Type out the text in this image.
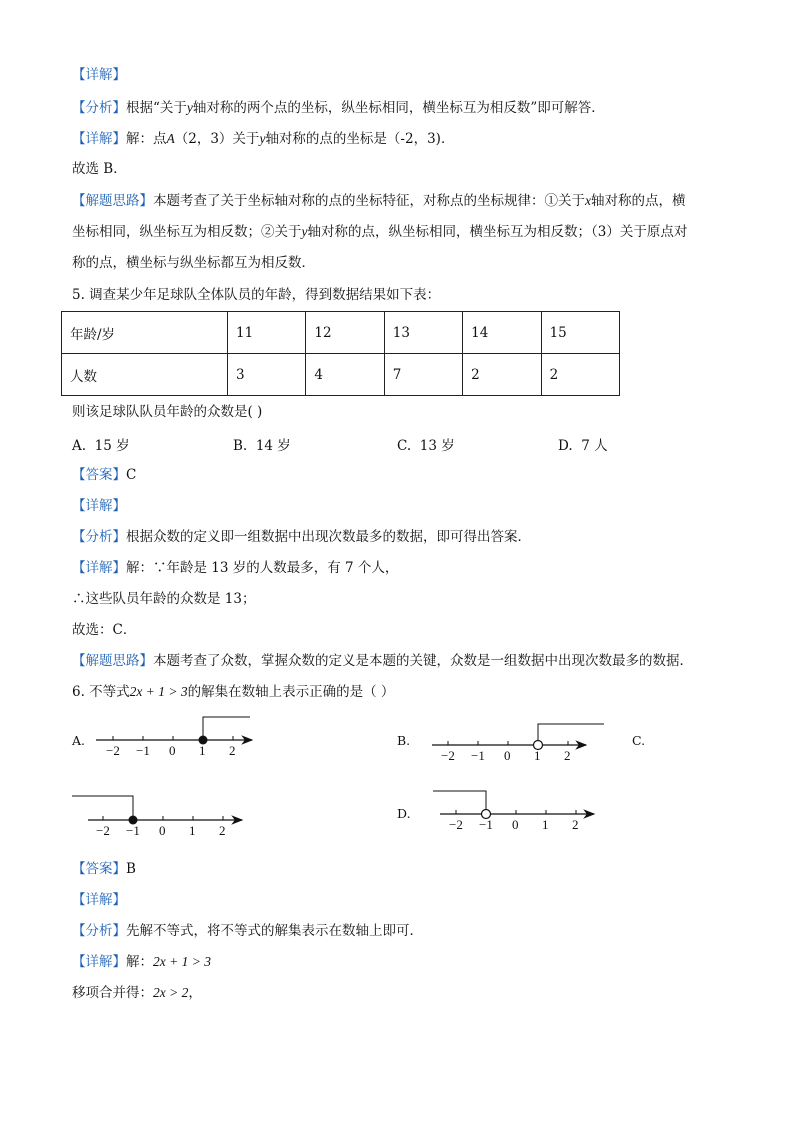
【详解】
【分析】根据“关于y轴对称的两个点的坐标，纵坐标相同，横坐标互为相反数”即可解答．
【详解】解：点A（2，3）关于y轴对称的点的坐标是（-2，3)．
故选 B．
【解题思路】本题考查了关于坐标轴对称的点的坐标特征，对称点的坐标规律：①关于x轴对称的点，横
坐标相同，纵坐标互为相反数；②关于y轴对称的点，纵坐标相同，横坐标互为相反数；（3）关于原点对
称的点，横坐标与纵坐标都互为相反数．
5. 调查某少年足球队全体队员的年龄，得到数据结果如下表：
年龄/岁	11	12	13	14	15
人数	3	4	7	2	2
则该足球队队员年龄的众数是( )
A. 15 岁	B. 14 岁	C. 13 岁	D. 7 人
【答案】C
【详解】
【分析】根据众数的定义即一组数据中出现次数最多的数据，即可得出答案．
【详解】解：∵年龄是 13 岁的人数最多，有 7 个人，
∴这些队员年龄的众数是 13；
故选：C．
【解题思路】本题考查了众数，掌握众数的定义是本题的关键，众数是一组数据中出现次数最多的数据．
6. 不等式2x + 1 > 3的解集在数轴上表示正确的是（ ）
A.	B.	C.
D.
−2 −1 0 1 2	−2 −1 0 1 2
−2 −1 0 1 2	−2 −1 0 1 2
【答案】B
【详解】
【分析】先解不等式，将不等式的解集表示在数轴上即可．
【详解】解：2x + 1 > 3
移项合并得：2x > 2，
